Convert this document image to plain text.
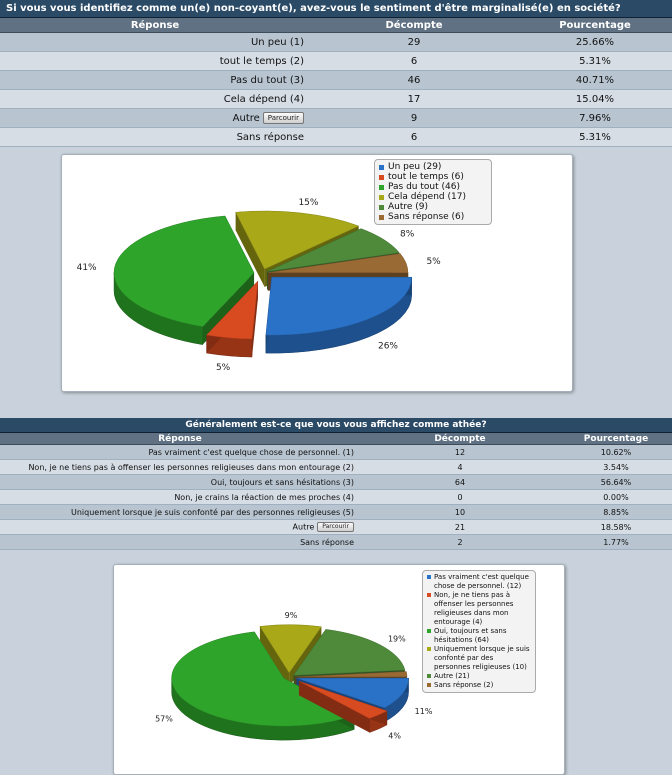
Si vous vous identifiez comme un(e) non-coyant(e), avez-vous le sentiment d'être marginalisé(e) en société?
Réponse	Décompte	Pourcentage
Un peu (1)	29	25.66%
tout le temps (2)	6	5.31%
Pas du tout (3)	46	40.71%
Cela dépend (4)	17	15.04%
Autre Parcourir	9	7.96%
Sans réponse	6	5.31%
26%
5%
41%
15%
8%
5%
Un peu (29)
tout le temps (6)
Pas du tout (46)
Cela dépend (17)
Autre (9)
Sans réponse (6)
Généralement est-ce que vous vous affichez comme athée?
Réponse	Décompte	Pourcentage
Pas vraiment c'est quelque chose de personnel. (1)	12	10.62%
Non, je ne tiens pas à offenser les personnes religieuses dans mon entourage (2)	4	3.54%
Oui, toujours et sans hésitations (3)	64	56.64%
Non, je crains la réaction de mes proches (4)	0	0.00%
Uniquement lorsque je suis confonté par des personnes religieuses (5)	10	8.85%
Autre Parcourir	21	18.58%
Sans réponse	2	1.77%
11%
4%
57%
9%
19%
Pas vraiment c'est quelque chose de personnel. (12)
Non, je ne tiens pas à offenser les personnes religieuses dans mon entourage (4)
Oui, toujours et sans hésitations (64)
Uniquement lorsque je suis confonté par des personnes religieuses (10)
Autre (21)
Sans réponse (2)
